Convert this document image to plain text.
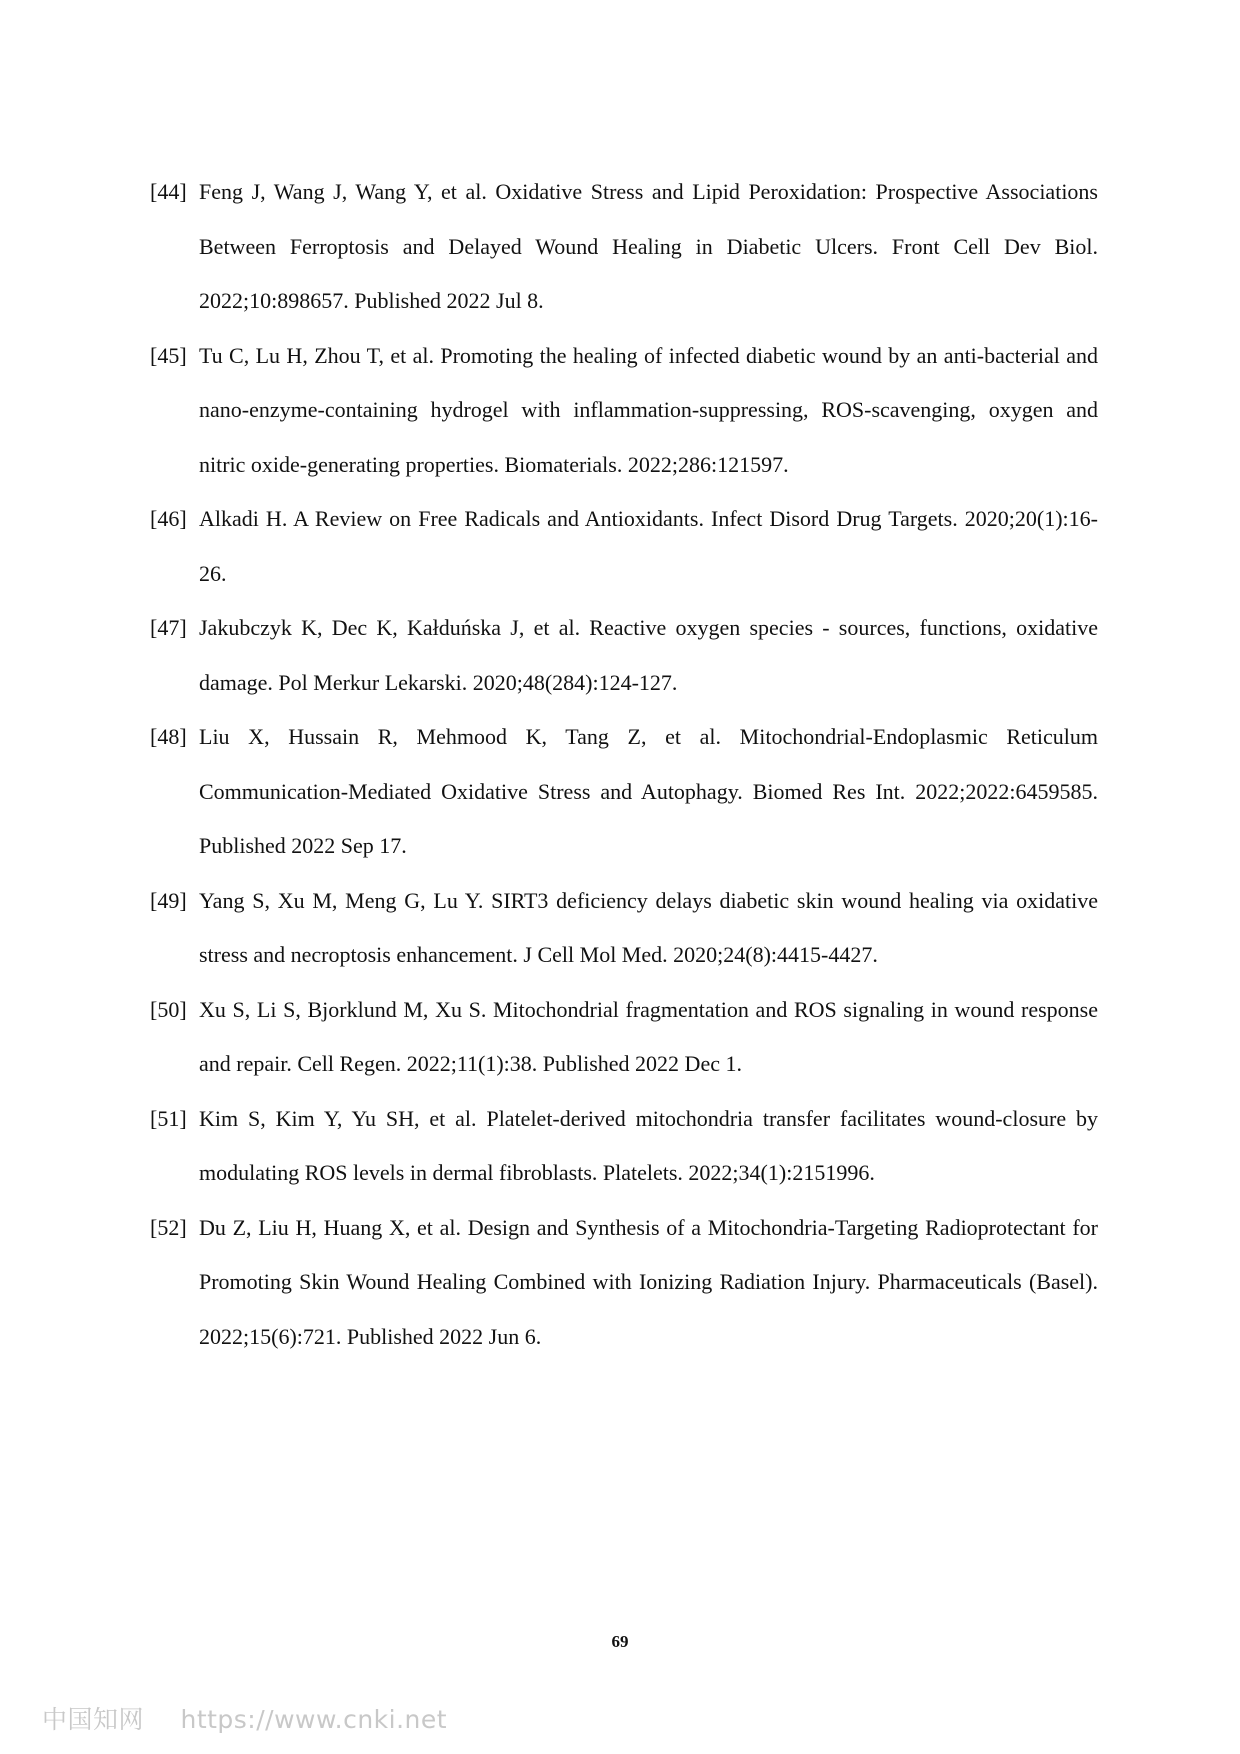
[44] Feng J, Wang J, Wang Y, et al. Oxidative Stress and Lipid Peroxidation: Prospective Associations Between Ferroptosis and Delayed Wound Healing in Diabetic Ulcers. Front Cell Dev Biol. 2022;10:898657. Published 2022 Jul 8.
[45] Tu C, Lu H, Zhou T, et al. Promoting the healing of infected diabetic wound by an anti-bacterial and nano-enzyme-containing hydrogel with inflammation-suppressing, ROS-scavenging, oxygen and nitric oxide-generating properties. Biomaterials. 2022;286:121597.
[46] Alkadi H. A Review on Free Radicals and Antioxidants. Infect Disord Drug Targets. 2020;20(1):16-26.
[47] Jakubczyk K, Dec K, Kałduńska J, et al. Reactive oxygen species - sources, functions, oxidative damage. Pol Merkur Lekarski. 2020;48(284):124-127.
[48] Liu X, Hussain R, Mehmood K, Tang Z, et al. Mitochondrial-Endoplasmic Reticulum Communication-Mediated Oxidative Stress and Autophagy. Biomed Res Int. 2022;2022:6459585. Published 2022 Sep 17.
[49] Yang S, Xu M, Meng G, Lu Y. SIRT3 deficiency delays diabetic skin wound healing via oxidative stress and necroptosis enhancement. J Cell Mol Med. 2020;24(8):4415-4427.
[50] Xu S, Li S, Bjorklund M, Xu S. Mitochondrial fragmentation and ROS signaling in wound response and repair. Cell Regen. 2022;11(1):38. Published 2022 Dec 1.
[51] Kim S, Kim Y, Yu SH, et al. Platelet-derived mitochondria transfer facilitates wound-closure by modulating ROS levels in dermal fibroblasts. Platelets. 2022;34(1):2151996.
[52] Du Z, Liu H, Huang X, et al. Design and Synthesis of a Mitochondria-Targeting Radioprotectant for Promoting Skin Wound Healing Combined with Ionizing Radiation Injury. Pharmaceuticals (Basel). 2022;15(6):721. Published 2022 Jun 6.
69
中国知网 https://www.cnki.net
